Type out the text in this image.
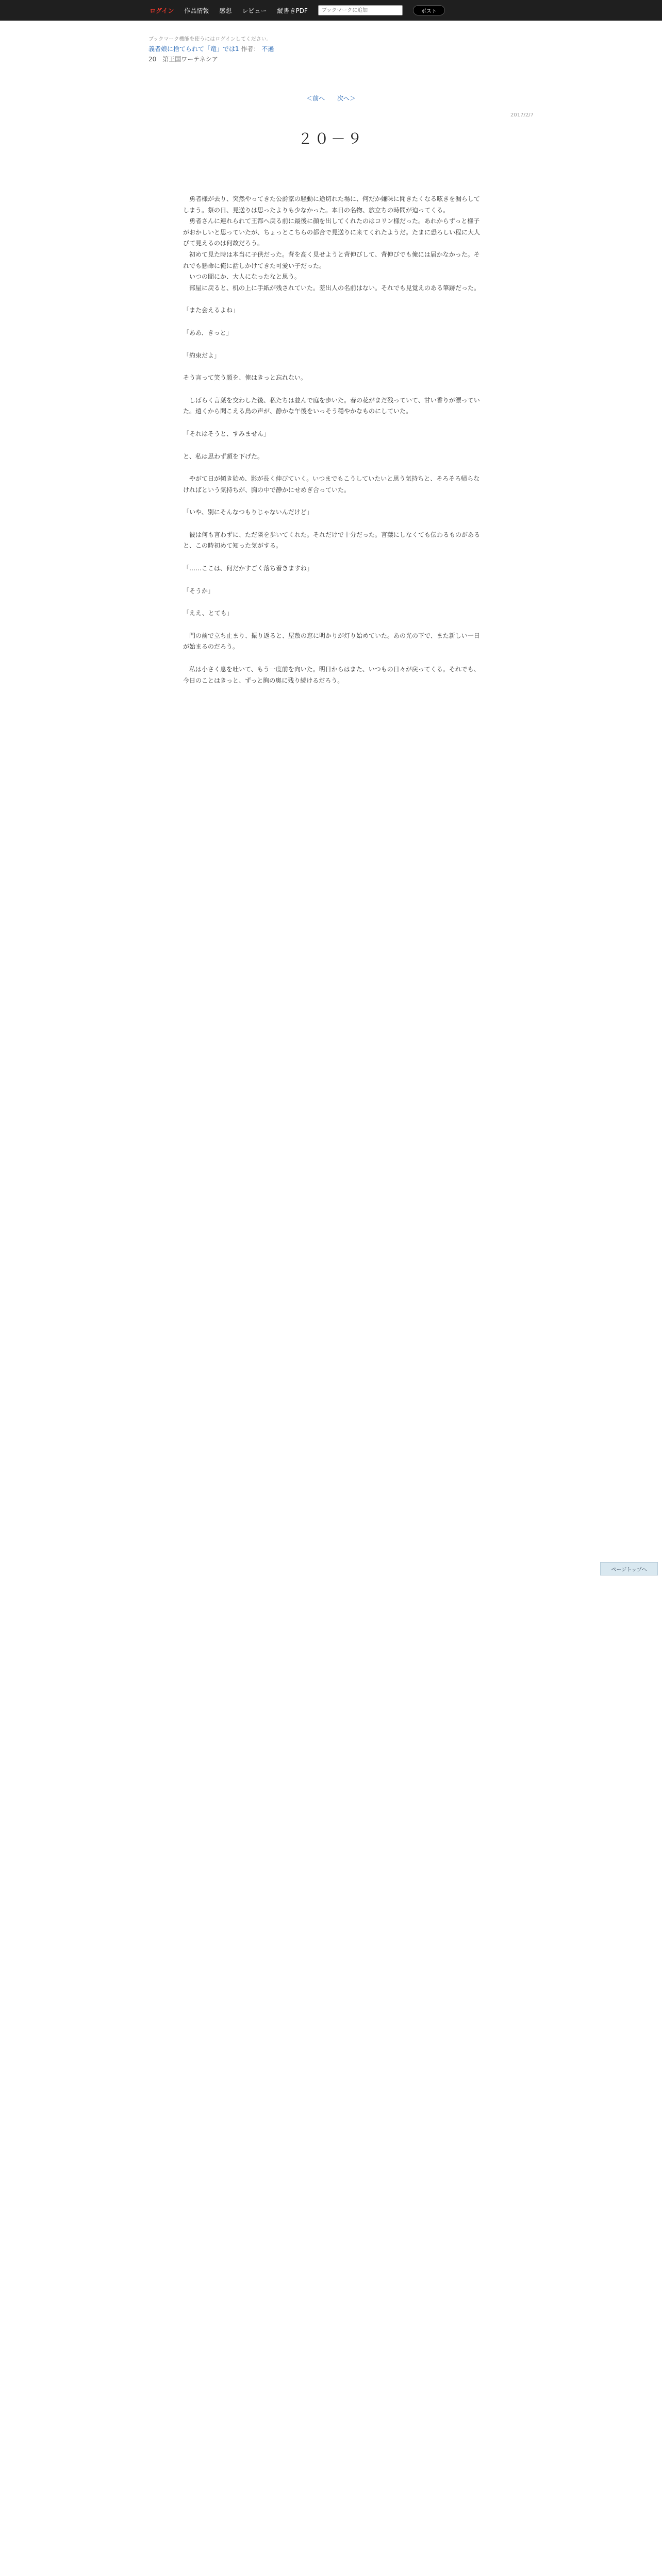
ログイン 作品情報 感想 レビュー 縦書きPDF
ブックマークに追加	ポスト
ブックマーク機能を使うにはログインしてください。
義者娘に捨てられて「竜」では1 作者： 不遜
20　第王国ワーテネシア
＜前へ 次へ＞
2017/2/7
２０－９

勇者様が去り、突然やってきた公爵家の騒動に途切れた場に、何だか嫌味に聞きたくなる呟きを漏らしてしまう。祭の日、見送りは思ったよりも少なかった。本日の名物、旅立ちの時間が迫ってくる。

勇者さんに連れられて王都へ戻る前に最後に顔を出してくれたのはコリン様だった。あれからずっと様子がおかしいと思っていたが、ちょっとこちらの都合で見送りに来てくれたようだ。たまに恐ろしい程に大人びて見えるのは何故だろう。

初めて見た時は本当に子供だった。背を高く見せようと背伸びして、背伸びでも俺には届かなかった。それでも懸命に俺に話しかけてきた可愛い子だった。

いつの間にか、大人になったなと思う。

部屋に戻ると、机の上に手紙が残されていた。差出人の名前はない。それでも見覚えのある筆跡だった。

「また会えるよね」

「ああ、きっと」

「約束だよ」

そう言って笑う顔を、俺はきっと忘れない。

しばらく言葉を交わした後、私たちは並んで庭を歩いた。春の花がまだ残っていて、甘い香りが漂っていた。遠くから聞こえる鳥の声が、静かな午後をいっそう穏やかなものにしていた。

「それはそうと、すみません」

と、私は思わず頭を下げた。

やがて日が傾き始め、影が長く伸びていく。いつまでもこうしていたいと思う気持ちと、そろそろ帰らなければという気持ちが、胸の中で静かにせめぎ合っていた。

「いや、別にそんなつもりじゃないんだけど」

彼は何も言わずに、ただ隣を歩いてくれた。それだけで十分だった。言葉にしなくても伝わるものがあると、この時初めて知った気がする。

「……ここは、何だかすごく落ち着きますね」

「そうか」

「ええ、とても」

門の前で立ち止まり、振り返ると、屋敷の窓に明かりが灯り始めていた。あの光の下で、また新しい一日が始まるのだろう。

私は小さく息を吐いて、もう一度前を向いた。明日からはまた、いつもの日々が戻ってくる。それでも、今日のことはきっと、ずっと胸の奥に残り続けるだろう。

ページトップへ
